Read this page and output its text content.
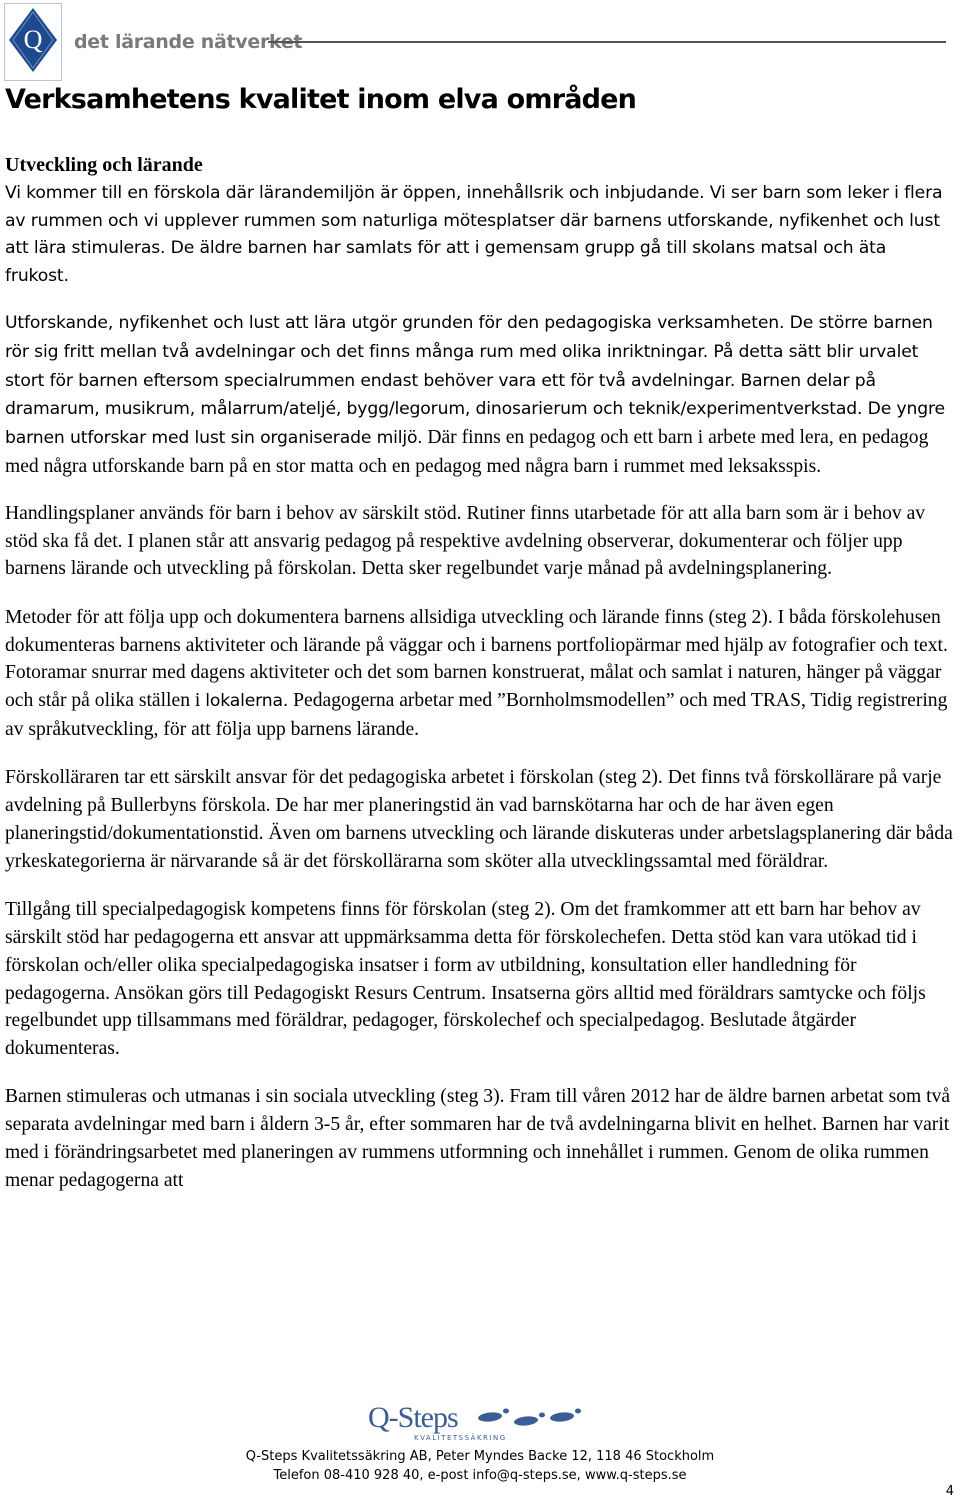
Q det lärande nätverket
Verksamhetens kvalitet inom elva områden
Utveckling och lärande

Vi kommer till en förskola där lärandemiljön är öppen, innehållsrik och inbjudande. Vi ser barn som leker i flera av rummen och vi upplever rummen som naturliga mötesplatser där barnens utforskande, nyfikenhet och lust att lära stimuleras. De äldre barnen har samlats för att i gemensam grupp gå till skolans matsal och äta frukost.

Utforskande, nyfikenhet och lust att lära utgör grunden för den pedagogiska verksamheten. De större barnen rör sig fritt mellan två avdelningar och det finns många rum med olika inriktningar. På detta sätt blir urvalet stort för barnen eftersom specialrummen endast behöver vara ett för två avdelningar. Barnen delar på dramarum, musikrum, målarrum/ateljé, bygg/legorum, dinosarierum och teknik/experimentverkstad. De yngre barnen utforskar med lust sin organiserade miljö. Där finns en pedagog och ett barn i arbete med lera, en pedagog med några utforskande barn på en stor matta och en pedagog med några barn i rummet med leksaksspis.

Handlingsplaner används för barn i behov av särskilt stöd. Rutiner finns utarbetade för att alla barn som är i behov av stöd ska få det. I planen står att ansvarig pedagog på respektive avdelning observerar, dokumenterar och följer upp barnens lärande och utveckling på förskolan. Detta sker regelbundet varje månad på avdelningsplanering.

Metoder för att följa upp och dokumentera barnens allsidiga utveckling och lärande finns (steg 2). I båda förskolehusen dokumenteras barnens aktiviteter och lärande på väggar och i barnens portfoliopärmar med hjälp av fotografier och text. Fotoramar snurrar med dagens aktiviteter och det som barnen konstruerat, målat och samlat i naturen, hänger på väggar och står på olika ställen i lokalerna. Pedagogerna arbetar med ”Bornholmsmodellen” och med TRAS, Tidig registrering av språkutveckling, för att följa upp barnens lärande.

Förskolläraren tar ett särskilt ansvar för det pedagogiska arbetet i förskolan (steg 2). Det finns två förskollärare på varje avdelning på Bullerbyns förskola. De har mer planeringstid än vad barnskötarna har och de har även egen planeringstid/dokumentationstid. Även om barnens utveckling och lärande diskuteras under arbetslagsplanering där båda yrkeskategorierna är närvarande så är det förskollärarna som sköter alla utvecklingssamtal med föräldrar.

Tillgång till specialpedagogisk kompetens finns för förskolan (steg 2). Om det framkommer att ett barn har behov av särskilt stöd har pedagogerna ett ansvar att uppmärksamma detta för förskolechefen. Detta stöd kan vara utökad tid i förskolan och/eller olika specialpedagogiska insatser i form av utbildning, konsultation eller handledning för pedagogerna. Ansökan görs till Pedagogiskt Resurs Centrum. Insatserna görs alltid med föräldrars samtycke och följs regelbundet upp tillsammans med föräldrar, pedagoger, förskolechef och specialpedagog. Beslutade åtgärder dokumenteras.

Barnen stimuleras och utmanas i sin sociala utveckling (steg 3). Fram till våren 2012 har de äldre barnen arbetat som två separata avdelningar med barn i åldern 3-5 år, efter sommaren har de två avdelningarna blivit en helhet. Barnen har varit med i förändringsarbetet med planeringen av rummens utformning och innehållet i rummen. Genom de olika rummen menar pedagogerna att

Q-Steps
KVALITETSSÄKRING
Q-Steps Kvalitetssäkring AB, Peter Myndes Backe 12, 118 46 Stockholm
Telefon 08-410 928 40, e-post info@q-steps.se, www.q-steps.se
4
